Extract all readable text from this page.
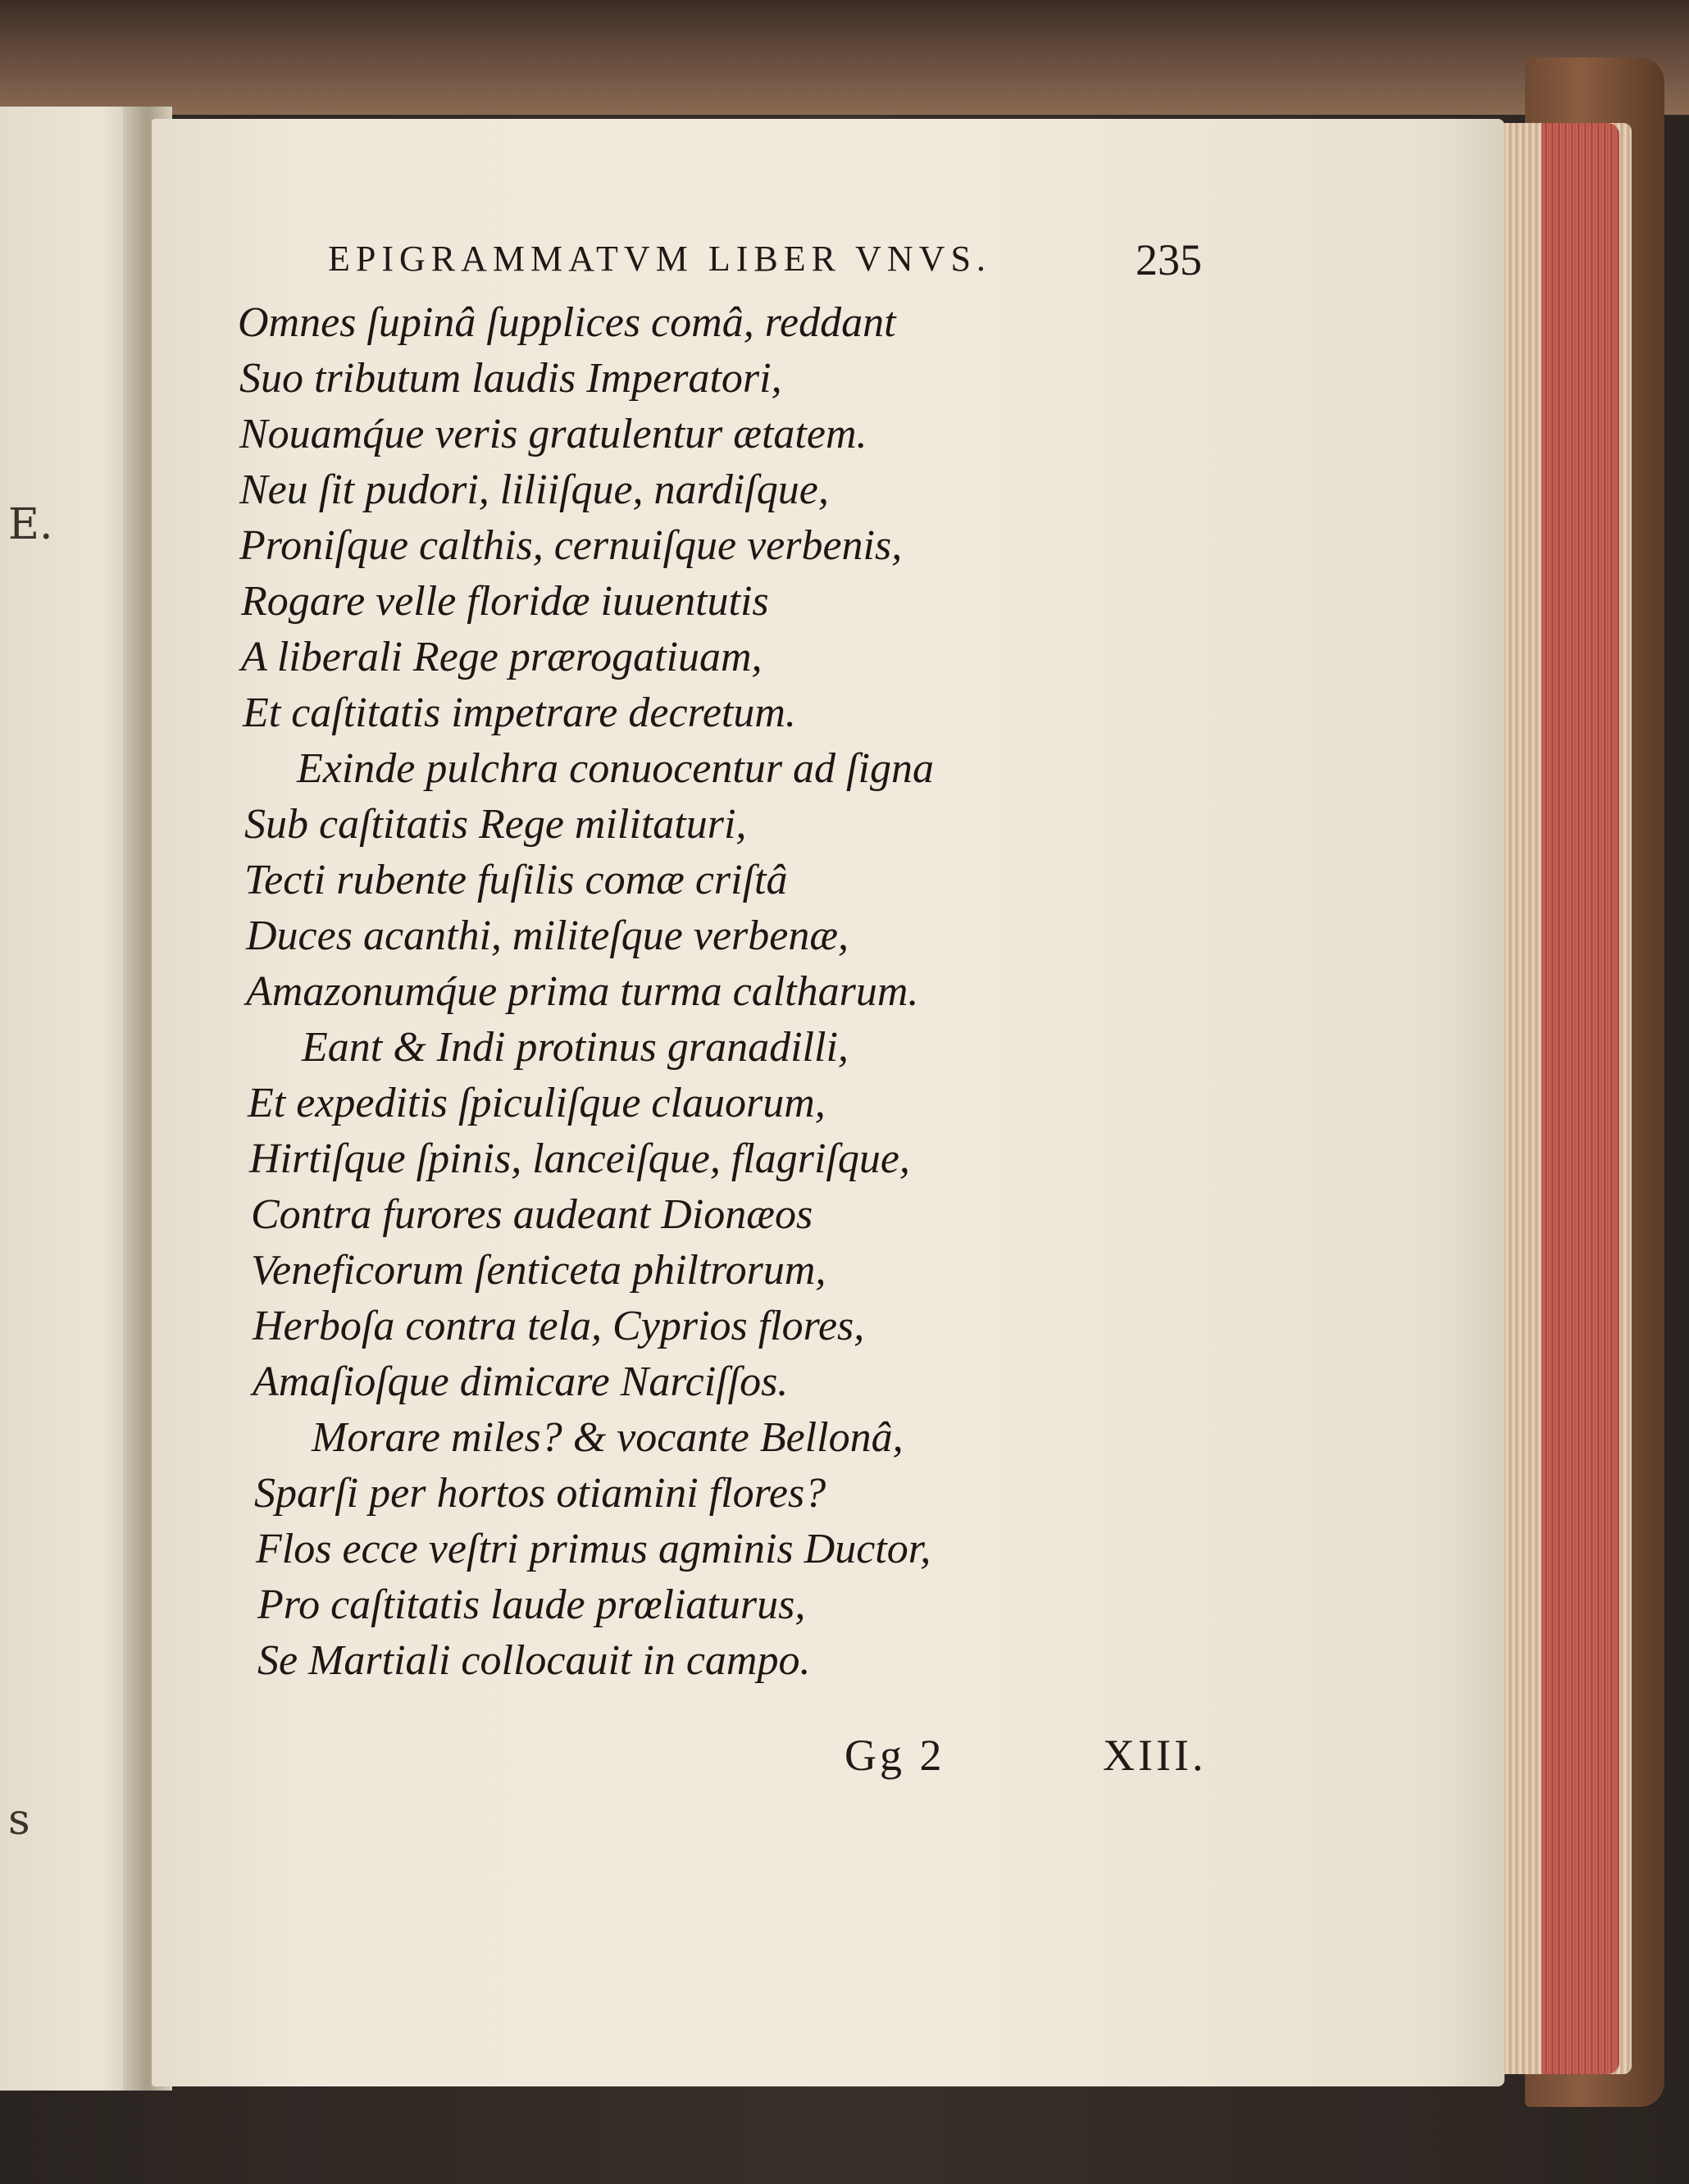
E.
s
EPIGRAMMATVM LIBER VNVS.	235
Omnes ſupinâ ſupplices comâ, reddant
Suo tributum laudis Imperatori,
Nouamq́ue veris gratulentur ætatem.
Neu ſit pudori, liliiſque, nardiſque,
Proniſque calthis, cernuiſque verbenis,
Rogare velle floridæ iuuentutis
A liberali Rege prærogatiuam,
Et caſtitatis impetrare decretum.
Exinde pulchra conuocentur ad ſigna
Sub caſtitatis Rege militaturi,
Tecti rubente fuſilis comæ criſtâ
Duces acanthi, militeſque verbenæ,
Amazonumq́ue prima turma caltharum.
Eant & Indi protinus granadilli,
Et expeditis ſpiculiſque clauorum,
Hirtiſque ſpinis, lanceiſque, flagriſque,
Contra furores audeant Dionæos
Veneficorum ſenticeta philtrorum,
Herboſa contra tela, Cyprios flores,
Amaſioſque dimicare Narciſſos.
Morare miles? & vocante Bellonâ,
Sparſi per hortos otiamini flores?
Flos ecce veſtri primus agminis Ductor,
Pro caſtitatis laude prœliaturus,
Se Martiali collocauit in campo.
Gg 2	XIII.
